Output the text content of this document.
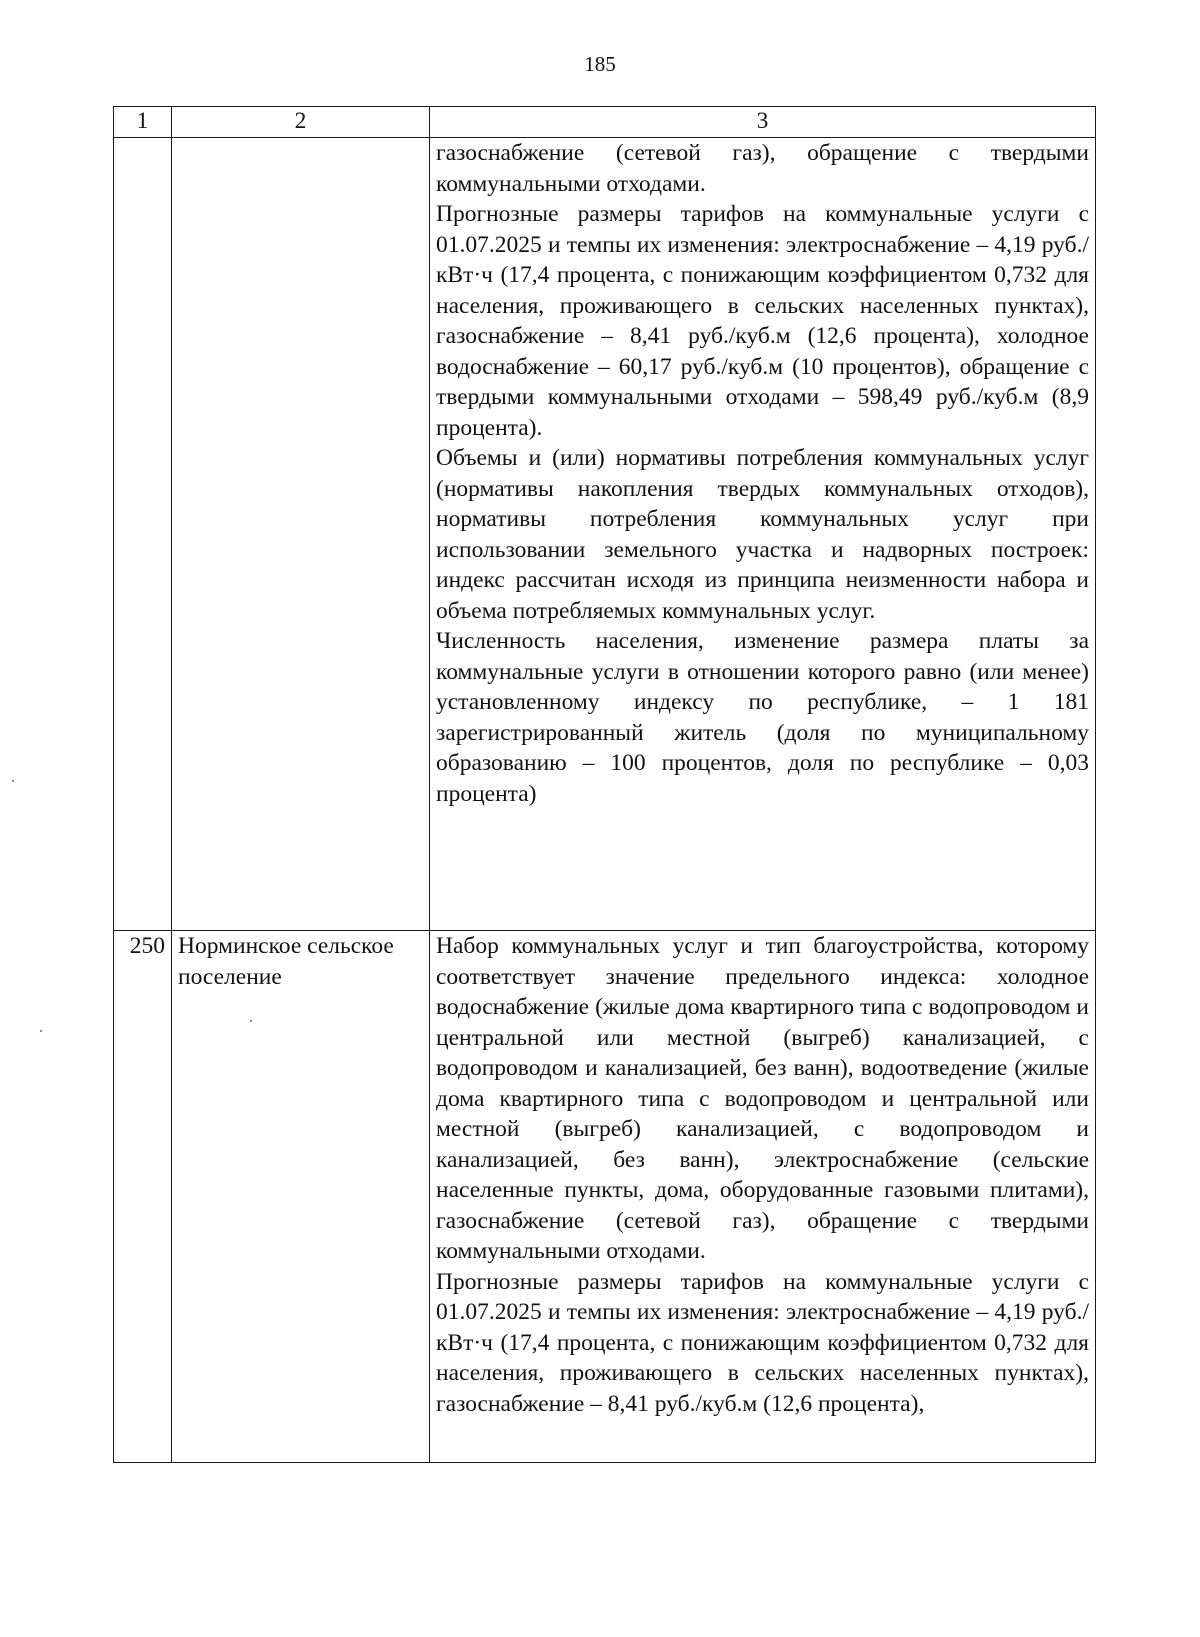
185
1	2	3

		газоснабжение (сетевой газ), обращение с твердыми коммунальными отходами.

Прогнозные размеры тарифов на коммунальные услуги с 01.07.2025 и темпы их изменения: электроснабжение – 4,19 руб./кВт·ч (17,4 процента, с понижающим коэффициентом 0,732 для населения, проживающего в сельских населенных пунктах), газоснабжение – 8,41 руб./куб.м (12,6 процента), холодное водоснабжение – 60,17 руб./куб.м (10 процентов), обращение с твердыми коммунальными отходами – 598,49 руб./куб.м (8,9 процента).

Объемы и (или) нормативы потребления коммунальных услуг (нормативы накопления твердых коммунальных отходов), нормативы потребления коммунальных услуг при использовании земельного участка и надворных построек: индекс рассчитан исходя из принципа неизменности набора и объема потребляемых коммунальных услуг.

Численность населения, изменение размера платы за коммунальные услуги в отношении которого равно (или менее) установленному индексу по республике, – 1 181 зарегистрированный житель (доля по муниципальному образованию – 100 процентов, доля по республике – 0,03 процента)

250	Норминское сельское поселение	Набор коммунальных услуг и тип благоустройства, которому соответствует значение предельного индекса: холодное водоснабжение (жилые дома квартирного типа с водопроводом и центральной или местной (выгреб) канализацией, с водопроводом и канализацией, без ванн), водоотведение (жилые дома квартирного типа с водопроводом и центральной или местной (выгреб) канализацией, с водопроводом и канализацией, без ванн), электроснабжение (сельские населенные пункты, дома, оборудованные газовыми плитами), газоснабжение (сетевой газ), обращение с твердыми коммунальными отходами.

Прогнозные размеры тарифов на коммунальные услуги с 01.07.2025 и темпы их изменения: электроснабжение – 4,19 руб./кВт·ч (17,4 процента, с понижающим коэффициентом 0,732 для населения, проживающего в сельских населенных пунктах), газоснабжение – 8,41 руб./куб.м (12,6 процента),
